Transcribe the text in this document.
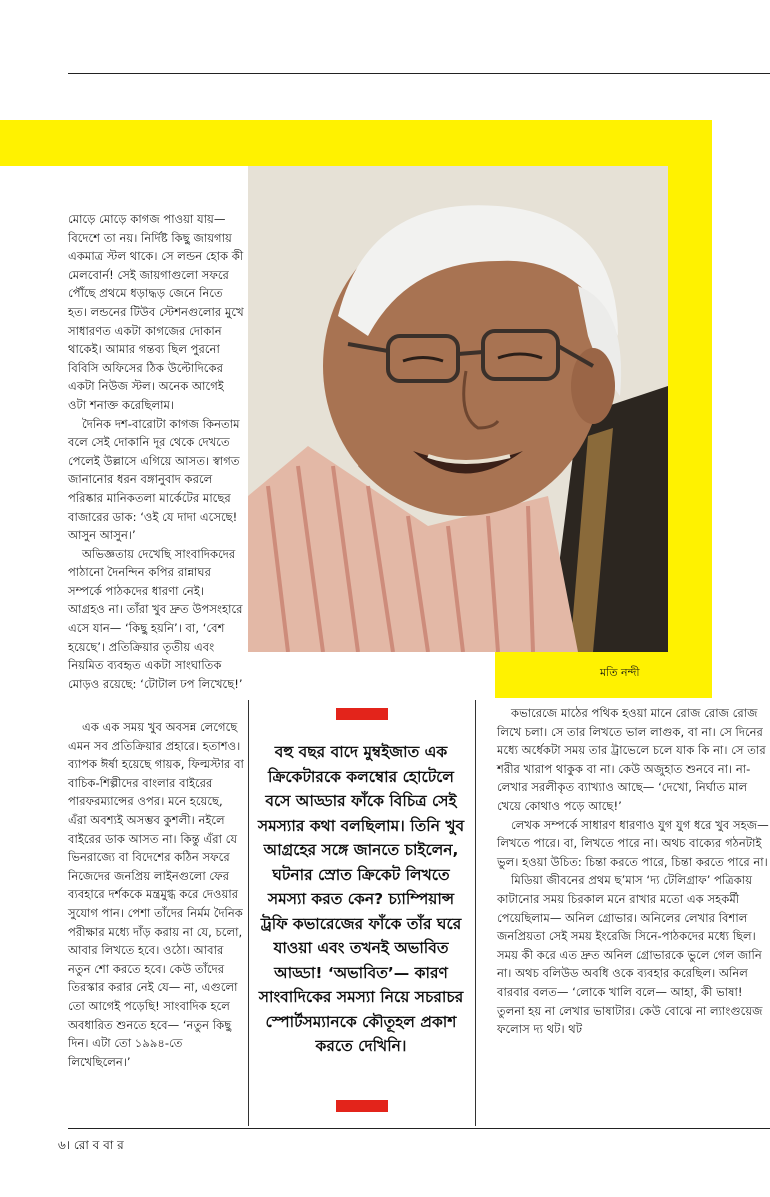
মতি নন্দী

মোড়ে মোড়ে কাগজ পাওয়া যায়— বিদেশে তা নয়। নির্দিষ্ট কিছু জায়গায় একমাত্র স্টল থাকে। সে লন্ডন হোক কী মেলবোর্ন! সেই জায়গাগুলো সফরে পৌঁছে প্রথমে ধড়াদ্ধড় জেনে নিতে হত। লন্ডনের টিউব স্টেশনগুলোর মুখে সাধারণত একটা কাগজের দোকান থাকেই। আমার গন্তব্য ছিল পুরনো বিবিসি অফিসের ঠিক উল্টোদিকের একটা নিউজ স্টল। অনেক আগেই ওটা শনাক্ত করেছিলাম।

দৈনিক দশ-বারোটা কাগজ কিনতাম বলে সেই দোকানি দূর থেকে দেখতে পেলেই উল্লাসে এগিয়ে আসত। স্বাগত জানানোর ধরন বঙ্গানুবাদ করলে পরিষ্কার মানিকতলা মার্কেটের মাছের বাজারের ডাক: ‘ওই যে দাদা এসেছে! আসুন আসুন।’

অভিজ্ঞতায় দেখেছি সাংবাদিকদের পাঠানো দৈনন্দিন কপির রান্নাঘর সম্পর্কে পাঠকদের ধারণা নেই। আগ্রহও না। তাঁরা খুব দ্রুত উপসংহারে এসে যান— ‘কিছু হয়নি’। বা, ‘বেশ হয়েছে’। প্রতিক্রিয়ার তৃতীয় এবং নিয়মিত ব্যবহৃত একটা সাংঘাতিক মোড়ও রয়েছে: ‘টোটাল ঢপ লিখেছে!’

এক এক সময় খুব অবসন্ন লেগেছে এমন সব প্রতিক্রিয়ার প্রহারে। হতাশও। ব্যাপক ঈর্ষা হয়েছে গায়ক, ফিল্মস্টার বা বাচিক-শিল্পীদের বাংলার বাইরের পারফরম্যান্সের ওপর। মনে হয়েছে, এঁরা অবশ্যই অসম্ভব কুশলী। নইলে বাইরের ডাক আসত না। কিন্তু এঁরা যে ভিনরাজ্যে বা বিদেশের কঠিন সফরে নিজেদের জনপ্রিয় লাইনগুলো ফের ব্যবহারে দর্শককে মন্ত্রমুগ্ধ করে দেওয়ার সুযোগ পান। পেশা তাঁদের নির্মম দৈনিক পরীক্ষার মধ্যে দাঁড় করায় না যে, চলো, আবার লিখতে হবে। ওঠো। আবার নতুন শো করতে হবে। কেউ তাঁদের তিরস্কার করার নেই যে— না, এগুলো তো আগেই পড়েছি! সাংবাদিক হলে অবধারিত শুনতে হবে— ‘নতুন কিছু দিন। এটা তো ১৯৯৪-তে লিখেছিলেন।’

বহু বছর বাদে মুম্বইজাত এক ক্রিকেটারকে কলম্বোর হোটেলে বসে আড্ডার ফাঁকে বিচিত্র সেই সমস্যার কথা বলছিলাম। তিনি খুব আগ্রহের সঙ্গে জানতে চাইলেন, ঘটনার স্রোত ক্রিকেট লিখতে সমস্যা করত কেন? চ্যাম্পিয়ান্স ট্রফি কভারেজের ফাঁকে তাঁর ঘরে যাওয়া এবং তখনই অভাবিত আড্ডা! ‘অভাবিত’— কারণ সাংবাদিকের সমস্যা নিয়ে সচরাচর স্পোর্টসম্যানকে কৌতূহল প্রকাশ করতে দেখিনি।

কভারেজে মাঠের পথিক হওয়া মানে রোজ রোজ রোজ লিখে চলা। সে তার লিখতে ভাল লাগুক, বা না। সে দিনের মধ্যে অর্ধেকটা সময় তার ট্রাভেলে চলে যাক কি না। সে তার শরীর খারাপ থাকুক বা না। কেউ অজুহাত শুনবে না। না-লেখার সরলীকৃত ব্যাখ্যাও আছে— ‘দেখো, নির্ঘাত মাল খেয়ে কোথাও পড়ে আছে!’

লেখক সম্পর্কে সাধারণ ধারণাও যুগ যুগ ধরে খুব সহজ— লিখতে পারে। বা, লিখতে পারে না। অথচ বাক্যের গঠনটাই ভুল। হওয়া উচিত: চিন্তা করতে পারে, চিন্তা করতে পারে না।

মিডিয়া জীবনের প্রথম ছ’মাস ‘দ্য টেলিগ্রাফ’ পত্রিকায় কাটানোর সময় চিরকাল মনে রাখার মতো এক সহকর্মী পেয়েছিলাম— অনিল গ্রোভার। অনিলের লেখার বিশাল জনপ্রিয়তা সেই সময় ইংরেজি সিনে-পাঠকদের মধ্যে ছিল। সময় কী করে এত দ্রুত অনিল গ্রোভারকে ভুলে গেল জানি না। অথচ বলিউড অবধি ওকে ব্যবহার করেছিল। অনিল বারবার বলত— ‘লোকে খালি বলে— আহা, কী ভাষা! তুলনা হয় না লেখার ভাষাটার। কেউ বোঝে না ল্যাংগুয়েজ ফলোস দ্য থট। থট

৬। রো ব বা র
